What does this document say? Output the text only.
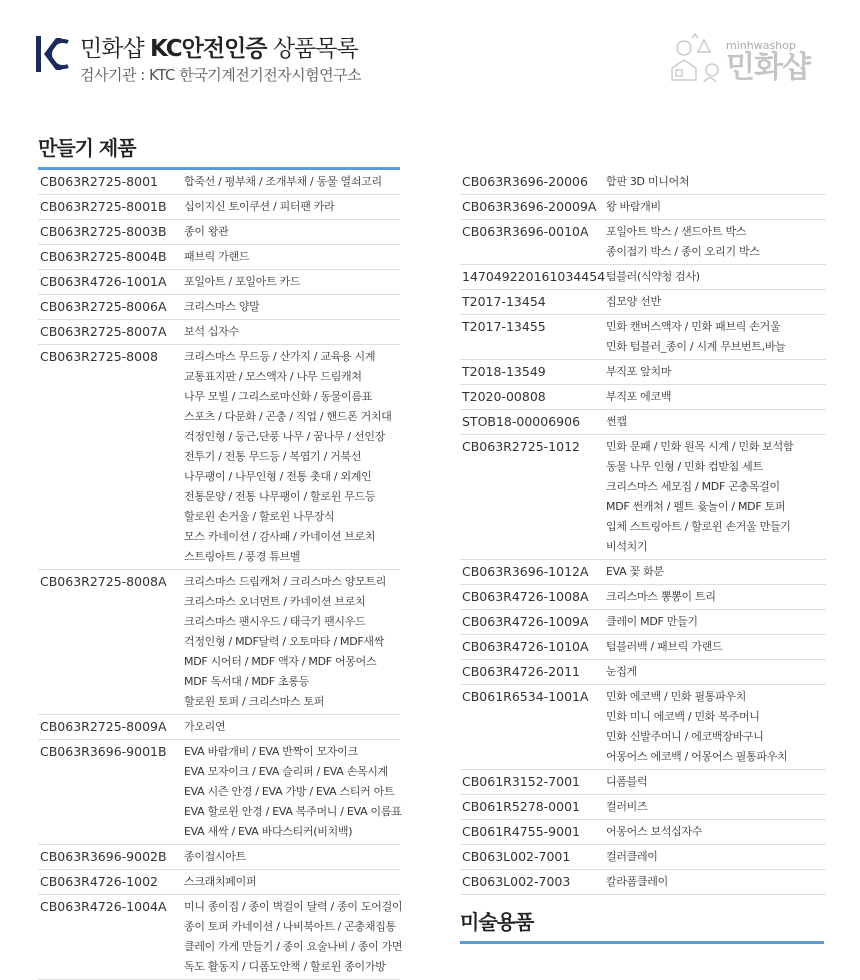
민화샵 KC안전인증 상품목록
검사기관 : KTC 한국기계전기전자시험연구소
minhwashop
민화샵
만들기 제품
CB063R2725-8001	합죽선 / 평부채 / 조개부채 / 동물 열쇠고리
CB063R2725-8001B	십이지신 토이쿠션 / 피터팬 카라
CB063R2725-8003B	종이 왕관
CB063R2725-8004B	패브릭 가랜드
CB063R4726-1001A	포일아트 / 포일아트 카드
CB063R2725-8006A	크리스마스 양말
CB063R2725-8007A	보석 십자수
CB063R2725-8008	크리스마스 무드등 / 산가지 / 교육용 시계
교통표지판 / 모스액자 / 나무 드림캐쳐
나무 모빌 / 그리스로마신화 / 동물이름표
스포츠 / 다문화 / 곤충 / 직업 / 핸드폰 거치대
걱정인형 / 둥근,단풍 나무 / 꿈나무 / 선인장
전투기 / 전통 무드등 / 복엽기 / 거북선
나무팽이 / 나무인형 / 전통 촛대 / 외계인
전통문양 / 전통 나무팽이 / 할로윈 무드등
할로윈 손거울 / 할로윈 나무장식
모스 카네이션 / 감사패 / 카네이션 브로치
스트링아트 / 풍경 튜브벨
CB063R2725-8008A	크리스마스 드림캐쳐 / 크리스마스 양모트리
크리스마스 오너먼트 / 카네이션 브로치
크리스마스 팬시우드 / 태극기 팬시우드
걱정인형 / MDF달력 / 오토마타 / MDF새싹
MDF 시어터 / MDF 액자 / MDF 어몽어스
MDF 독서대 / MDF 초롱등
할로윈 토퍼 / 크리스마스 토퍼
CB063R2725-8009A	가오리연
CB063R3696-9001B	EVA 바람개비 / EVA 반짝이 모자이크
EVA 모자이크 / EVA 슬리퍼 / EVA 손목시계
EVA 시즌 안경 / EVA 가방 / EVA 스티커 아트
EVA 할로윈 안경 / EVA 복주머니 / EVA 이름표
EVA 새싹 / EVA 바다스티커(비치백)
CB063R3696-9002B	종이접시아트
CB063R4726-1002	스크래치페이퍼
CB063R4726-1004A	미니 종이집 / 종이 벽걸이 달력 / 종이 도어걸이
종이 토퍼 카네이션 / 나비북아트 / 곤충채집통
클레이 가게 만들기 / 종이 요술나비 / 종이 가면
독도 활동지 / 디폼도안책 / 할로윈 종이가방
CB063R3696-20006	합판 3D 미니어처
CB063R3696-20009A 왕 바람개비
CB063R3696-0010A	포일아트 박스 / 샌드아트 박스
종이접기 박스 / 종이 오리기 박스
147049220161034454 텀블러(식약청 검사)
T2017-13454	집모양 선반
T2017-13455	민화 캔버스액자 / 민화 패브릭 손거울
민화 텀블러_종이 / 시계 무브번트,바늘
T2018-13549	부직포 앞치마
T2020-00808	부직포 에코백
STOB18-00006906	썬캡
CB063R2725-1012	민화 문패 / 민화 원목 시계 / 민화 보석함
동물 나무 인형 / 민화 컵받침 세트
크리스마스 세모집 / MDF 곤충목걸이
MDF 썬캐쳐 / 펠트 윷놀이 / MDF 토퍼
입체 스트링아트 / 할로윈 손거울 만들기
비석치기
CB063R3696-1012A	EVA 꽃 화분
CB063R4726-1008A	크리스마스 뽕뽕이 트리
CB063R4726-1009A	클레이 MDF 만들기
CB063R4726-1010A	텀블러백 / 패브릭 가랜드
CB063R4726-2011	눈집게
CB061R6534-1001A	민화 에코백 / 민화 필통파우치
민화 미니 에코백 / 민화 복주머니
민화 신발주머니 / 에코백장바구니
어몽어스 에코백 / 어몽어스 필통파우치
CB061R3152-7001	디폼블럭
CB061R5278-0001	컬러비즈
CB061R4755-9001	어몽어스 보석십자수
CB063L002-7001	컬러클레이
CB063L002-7003	칼라폼클레이
미술용품
